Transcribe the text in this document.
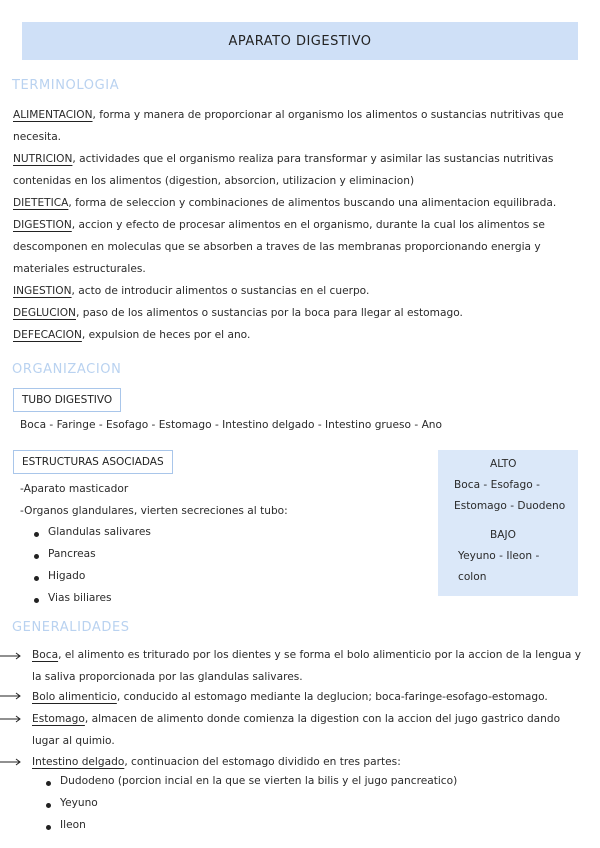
APARATO DIGESTIVO
TERMINOLOGIA
ALIMENTACION, forma y manera de proporcionar al organismo los alimentos o sustancias nutritivas que necesita.
NUTRICION, actividades que el organismo realiza para transformar y asimilar las sustancias nutritivas contenidas en los alimentos (digestion, absorcion, utilizacion y eliminacion)
DIETETICA, forma de seleccion y combinaciones de alimentos buscando una alimentacion equilibrada.
DIGESTION, accion y efecto de procesar alimentos en el organismo, durante la cual los alimentos se descomponen en moleculas que se absorben a traves de las membranas proporcionando energia y materiales estructurales.
INGESTION, acto de introducir alimentos o sustancias en el cuerpo.
DEGLUCION, paso de los alimentos o sustancias por la boca para llegar al estomago.
DEFECACION, expulsion de heces por el ano.
ORGANIZACION
TUBO DIGESTIVO
Boca - Faringe - Esofago - Estomago - Intestino delgado - Intestino grueso - Ano
ESTRUCTURAS ASOCIADAS
-Aparato masticador
-Organos glandulares, vierten secreciones al tubo:
Glandulas salivares
Pancreas
Higado
Vias biliares
ALTO
Boca - Esofago -
Estomago - Duodeno
BAJO
Yeyuno - Ileon -
colon
GENERALIDADES
Boca, el alimento es triturado por los dientes y se forma el bolo alimenticio por la accion de la lengua y la saliva proporcionada por las glandulas salivares.
Bolo alimenticio, conducido al estomago mediante la deglucion; boca-faringe-esofago-estomago.
Estomago, almacen de alimento donde comienza la digestion con la accion del jugo gastrico dando lugar al quimio.
Intestino delgado, continuacion del estomago dividido en tres partes:
Dudodeno (porcion incial en la que se vierten la bilis y el jugo pancreatico)
Yeyuno
Ileon
